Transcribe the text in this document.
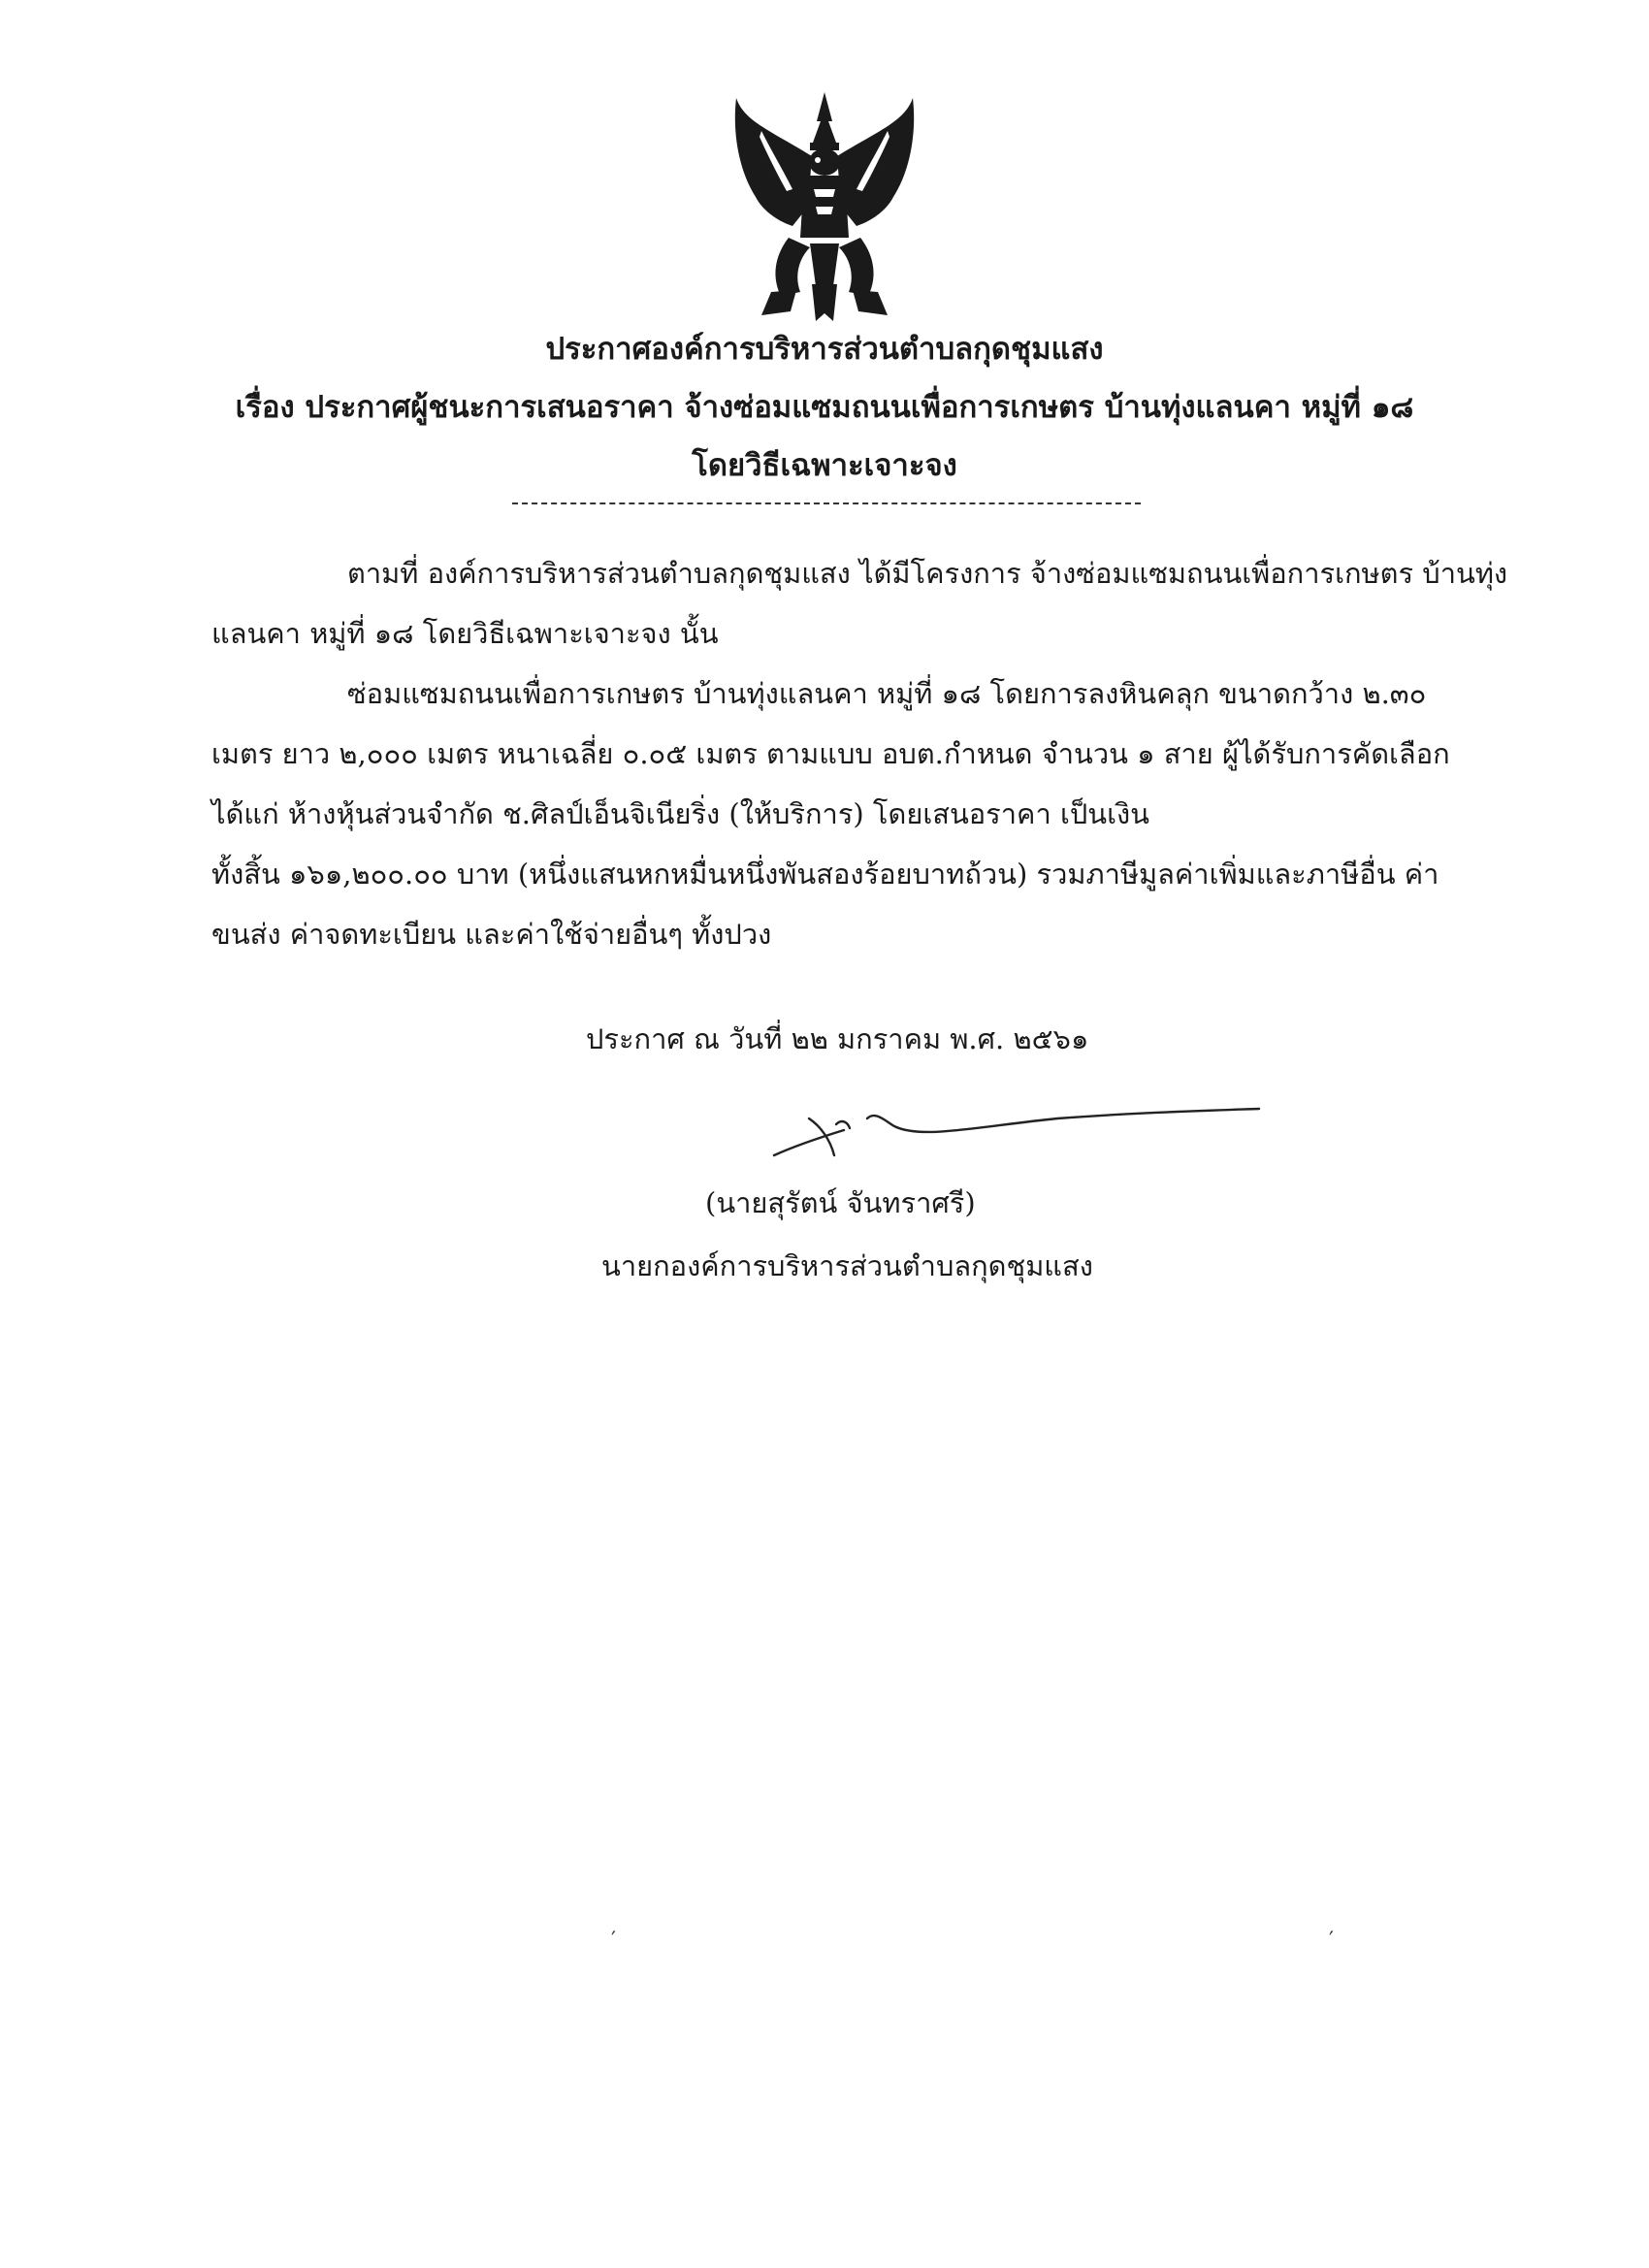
ประกาศองค์การบริหารส่วนตำบลกุดชุมแสง
เรื่อง ประกาศผู้ชนะการเสนอราคา จ้างซ่อมแซมถนนเพื่อการเกษตร บ้านทุ่งแลนคา หมู่ที่ ๑๘
โดยวิธีเฉพาะเจาะจง
ตามที่ องค์การบริหารส่วนตำบลกุดชุมแสง ได้มีโครงการ จ้างซ่อมแซมถนนเพื่อการเกษตร บ้านทุ่ง
แลนคา หมู่ที่ ๑๘ โดยวิธีเฉพาะเจาะจง นั้น
ซ่อมแซมถนนเพื่อการเกษตร บ้านทุ่งแลนคา หมู่ที่ ๑๘ โดยการลงหินคลุก ขนาดกว้าง ๒.๓๐
เมตร ยาว ๒,๐๐๐ เมตร หนาเฉลี่ย ๐.๐๕ เมตร ตามแบบ อบต.กำหนด จำนวน ๑ สาย ผู้ได้รับการคัดเลือก
ได้แก่ ห้างหุ้นส่วนจำกัด ช.ศิลป์เอ็นจิเนียริ่ง (ให้บริการ) โดยเสนอราคา เป็นเงิน
ทั้งสิ้น ๑๖๑,๒๐๐.๐๐ บาท (หนึ่งแสนหกหมื่นหนึ่งพันสองร้อยบาทถ้วน) รวมภาษีมูลค่าเพิ่มและภาษีอื่น ค่า
ขนส่ง ค่าจดทะเบียน และค่าใช้จ่ายอื่นๆ ทั้งปวง
ประกาศ ณ วันที่ ๒๒ มกราคม พ.ศ. ๒๕๖๑
(นายสุรัตน์ จันทราศรี)
นายกองค์การบริหารส่วนตำบลกุดชุมแสง
′	′
